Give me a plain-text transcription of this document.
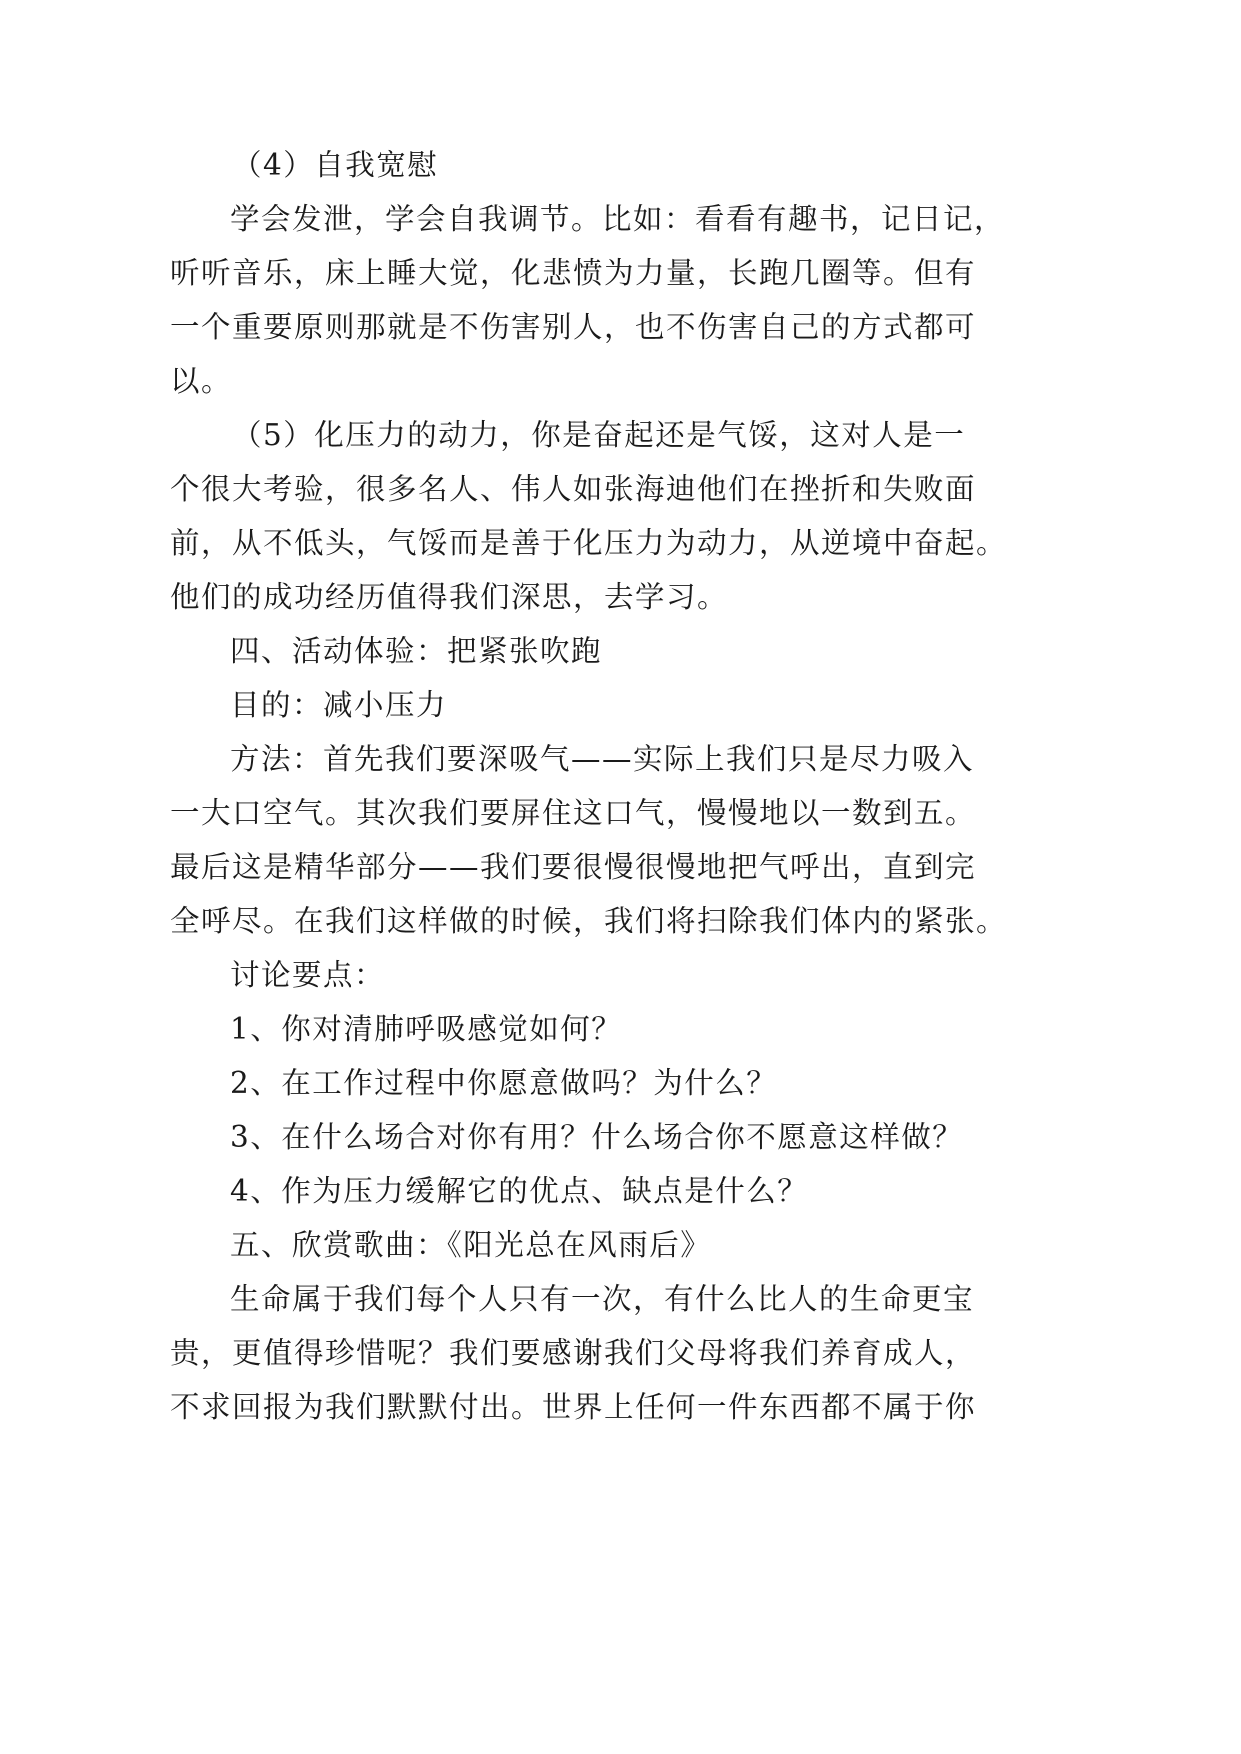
（4）自我宽慰
学会发泄，学会自我调节。比如：看看有趣书，记日记，
听听音乐，床上睡大觉，化悲愤为力量，长跑几圈等。但有
一个重要原则那就是不伤害别人，也不伤害自己的方式都可
以。
（5）化压力的动力，你是奋起还是气馁，这对人是一
个很大考验，很多名人、伟人如张海迪他们在挫折和失败面
前，从不低头，气馁而是善于化压力为动力，从逆境中奋起。
他们的成功经历值得我们深思，去学习。
四、活动体验：把紧张吹跑
目的：减小压力
方法：首先我们要深吸气——实际上我们只是尽力吸入
一大口空气。其次我们要屏住这口气，慢慢地以一数到五。
最后这是精华部分——我们要很慢很慢地把气呼出，直到完
全呼尽。在我们这样做的时候，我们将扫除我们体内的紧张。
讨论要点：
1、你对清肺呼吸感觉如何？
2、在工作过程中你愿意做吗？为什么？
3、在什么场合对你有用？什么场合你不愿意这样做？
4、作为压力缓解它的优点、缺点是什么？
五、欣赏歌曲：《阳光总在风雨后》
生命属于我们每个人只有一次，有什么比人的生命更宝
贵，更值得珍惜呢？我们要感谢我们父母将我们养育成人，
不求回报为我们默默付出。世界上任何一件东西都不属于你
